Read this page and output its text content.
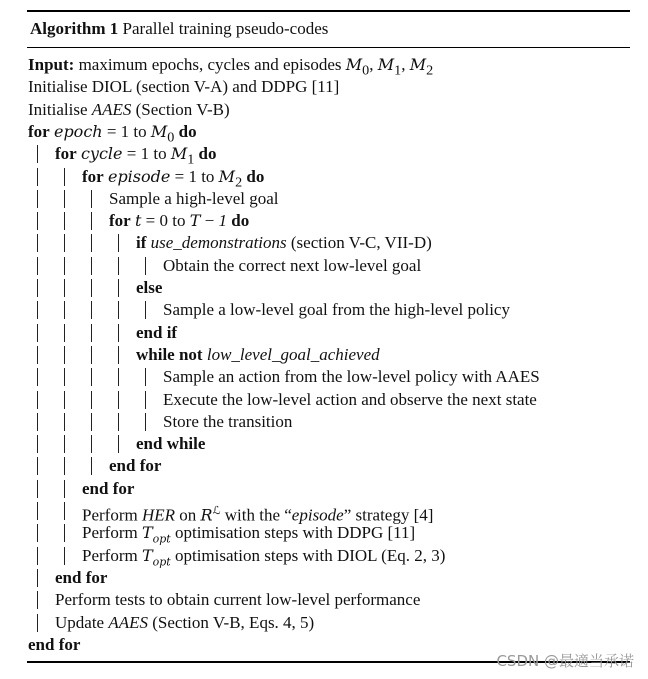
Algorithm 1 Parallel training pseudo-codes
Input: maximum epochs, cycles and episodes $M_0$, $M_1$, $M_2$
Initialise DIOL (section V-A) and DDPG [11]
Initialise AAES (Section V-B)
for epoch = 1 to $M_0$ do
for cycle = 1 to $M_1$ do
for episode = 1 to $M_2$ do
Sample a high-level goal
for t = 0 to T − 1 do
if use_demonstrations (section V-C, VII-D)
Obtain the correct next low-level goal
else
Sample a low-level goal from the high-level policy
end if
while not low_level_goal_achieved
Sample an action from the low-level policy with AAES
Execute the low-level action and observe the next state
Store the transition
end while
end for
end for
Perform HER on $R^ℒ$ with the “episode” strategy [4]
Perform $T_{opt}$ optimisation steps with DDPG [11]
Perform $T_{opt}$ optimisation steps with DIOL (Eq. 2, 3)
end for
Perform tests to obtain current low-level performance
Update AAES (Section V-B, Eqs. 4, 5)
end for
CSDN @最適当承诺
